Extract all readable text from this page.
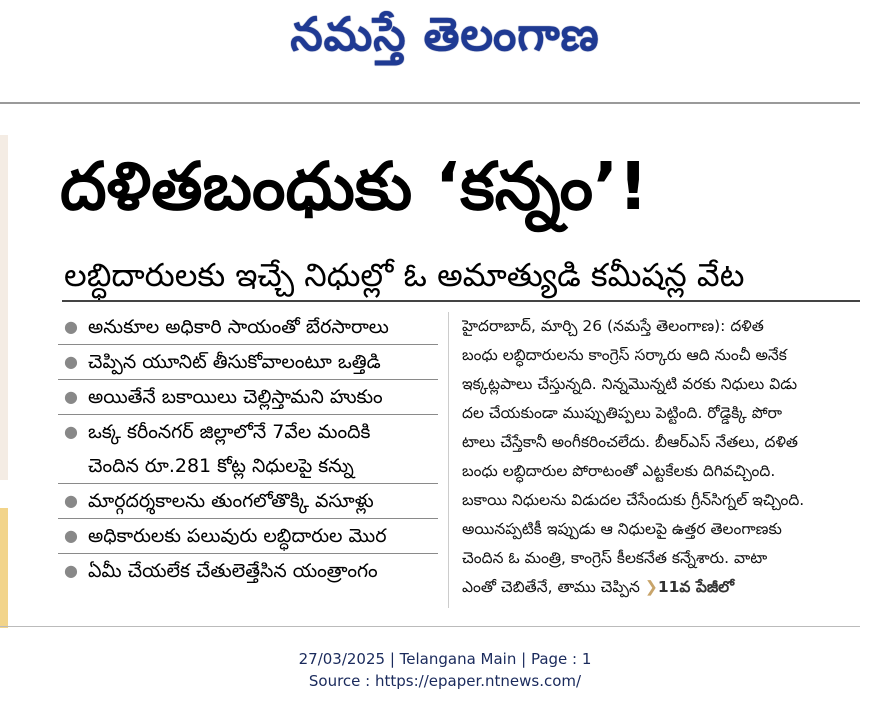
నమస్తే తెలంగాణ
దళితబంధుకు ‘కన్నం’!
లబ్ధిదారులకు ఇచ్చే నిధుల్లో ఓ అమాత్యుడి కమీషన్ల వేట
● అనుకూల అధికారి సాయంతో బేరసారాలు
● చెప్పిన యూనిట్ తీసుకోవాలంటూ ఒత్తిడి
● అయితేనే బకాయిలు చెల్లిస్తామని హుకుం
● ఒక్క కరీంనగర్ జిల్లాలోనే 7వేల మందికి
చెందిన రూ.281 కోట్ల నిధులపై కన్ను
● మార్గదర్శకాలను తుంగలోతొక్కి వసూళ్లు
● అధికారులకు పలువురు లబ్ధిదారుల మొర
● ఏమీ చేయలేక చేతులెత్తేసిన యంత్రాంగం
హైదరాబాద్, మార్చి 26 (నమస్తే తెలంగాణ): దళిత
బంధు లబ్ధిదారులను కాంగ్రెస్ సర్కారు ఆది నుంచీ అనేక
ఇక్కట్లపాలు చేస్తున్నది. నిన్నమొన్నటి వరకు నిధులు విడు
దల చేయకుండా ముప్పుతిప్పలు పెట్టింది. రోడ్డెక్కి పోరా
టాలు చేస్తేకానీ అంగీకరించలేదు. బీఆర్ఎస్ నేతలు, దళిత
బంధు లబ్ధిదారుల పోరాటంతో ఎట్టకేలకు దిగివచ్చింది.
బకాయి నిధులను విడుదల చేసేందుకు గ్రీన్‌సిగ్నల్ ఇచ్చింది.
అయినప్పటికీ ఇప్పుడు ఆ నిధులపై ఉత్తర తెలంగాణకు
చెందిన ఓ మంత్రి, కాంగ్రెస్ కీలకనేత కన్నేశారు. వాటా
ఎంతో చెబితేనే, తాము చెప్పిన ❯11వ పేజీలో
27/03/2025 | Telangana Main | Page : 1
Source : https://epaper.ntnews.com/
